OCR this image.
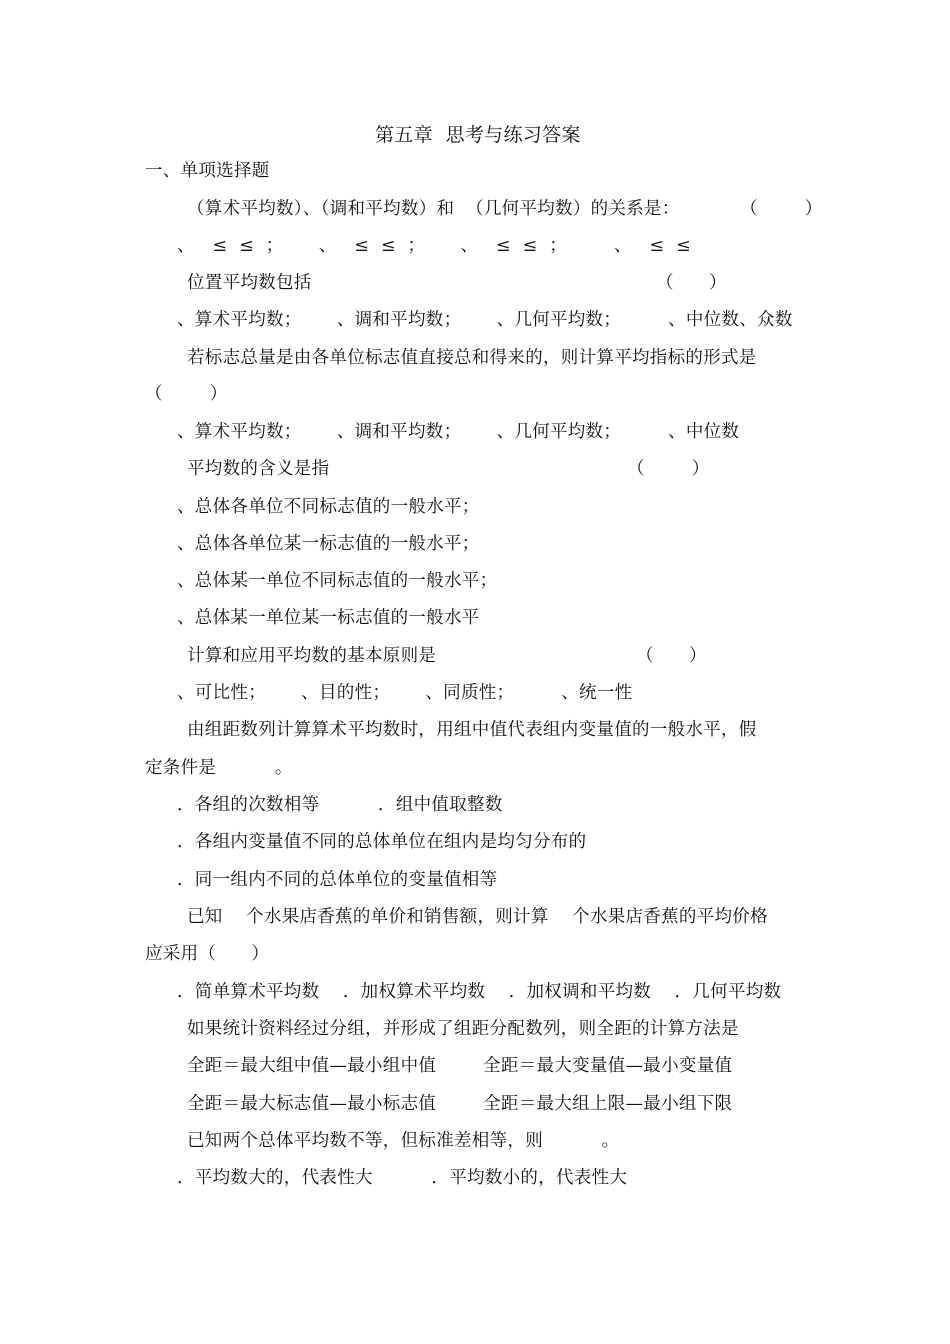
第五章  思考与练习答案
一、单项选择题
（算术平均数）、（调和平均数）和  （几何平均数）的关系是：	（        ）
、   ≤  ≤  ；      、   ≤  ≤  ；      、   ≤  ≤  ；        、   ≤  ≤
位置平均数包括	（      ）
、算术平均数；      、调和平均数；      、几何平均数；        、中位数、众数
若标志总量是由各单位标志值直接总和得来的，则计算平均指标的形式是
（        ）
、算术平均数；      、调和平均数；      、几何平均数；        、中位数
平均数的含义是指	（        ）
、总体各单位不同标志值的一般水平；
、总体各单位某一标志值的一般水平；
、总体某一单位不同标志值的一般水平；
、总体某一单位某一标志值的一般水平
计算和应用平均数的基本原则是	（      ）
、可比性；      、目的性；      、同质性；        、统一性
由组距数列计算算术平均数时，用组中值代表组内变量值的一般水平，假
定条件是          。
．各组的次数相等          ．组中值取整数
．各组内变量值不同的总体单位在组内是均匀分布的
．同一组内不同的总体单位的变量值相等
已知    个水果店香蕉的单价和销售额，则计算    个水果店香蕉的平均价格
应采用（      ）
．简单算术平均数    ．加权算术平均数    ．加权调和平均数    ．几何平均数
如果统计资料经过分组，并形成了组距分配数列，则全距的计算方法是
全距＝最大组中值—最小组中值        全距＝最大变量值—最小变量值
全距＝最大标志值—最小标志值        全距＝最大组上限—最小组下限
已知两个总体平均数不等，但标准差相等，则          。
．平均数大的，代表性大          ．平均数小的，代表性大
